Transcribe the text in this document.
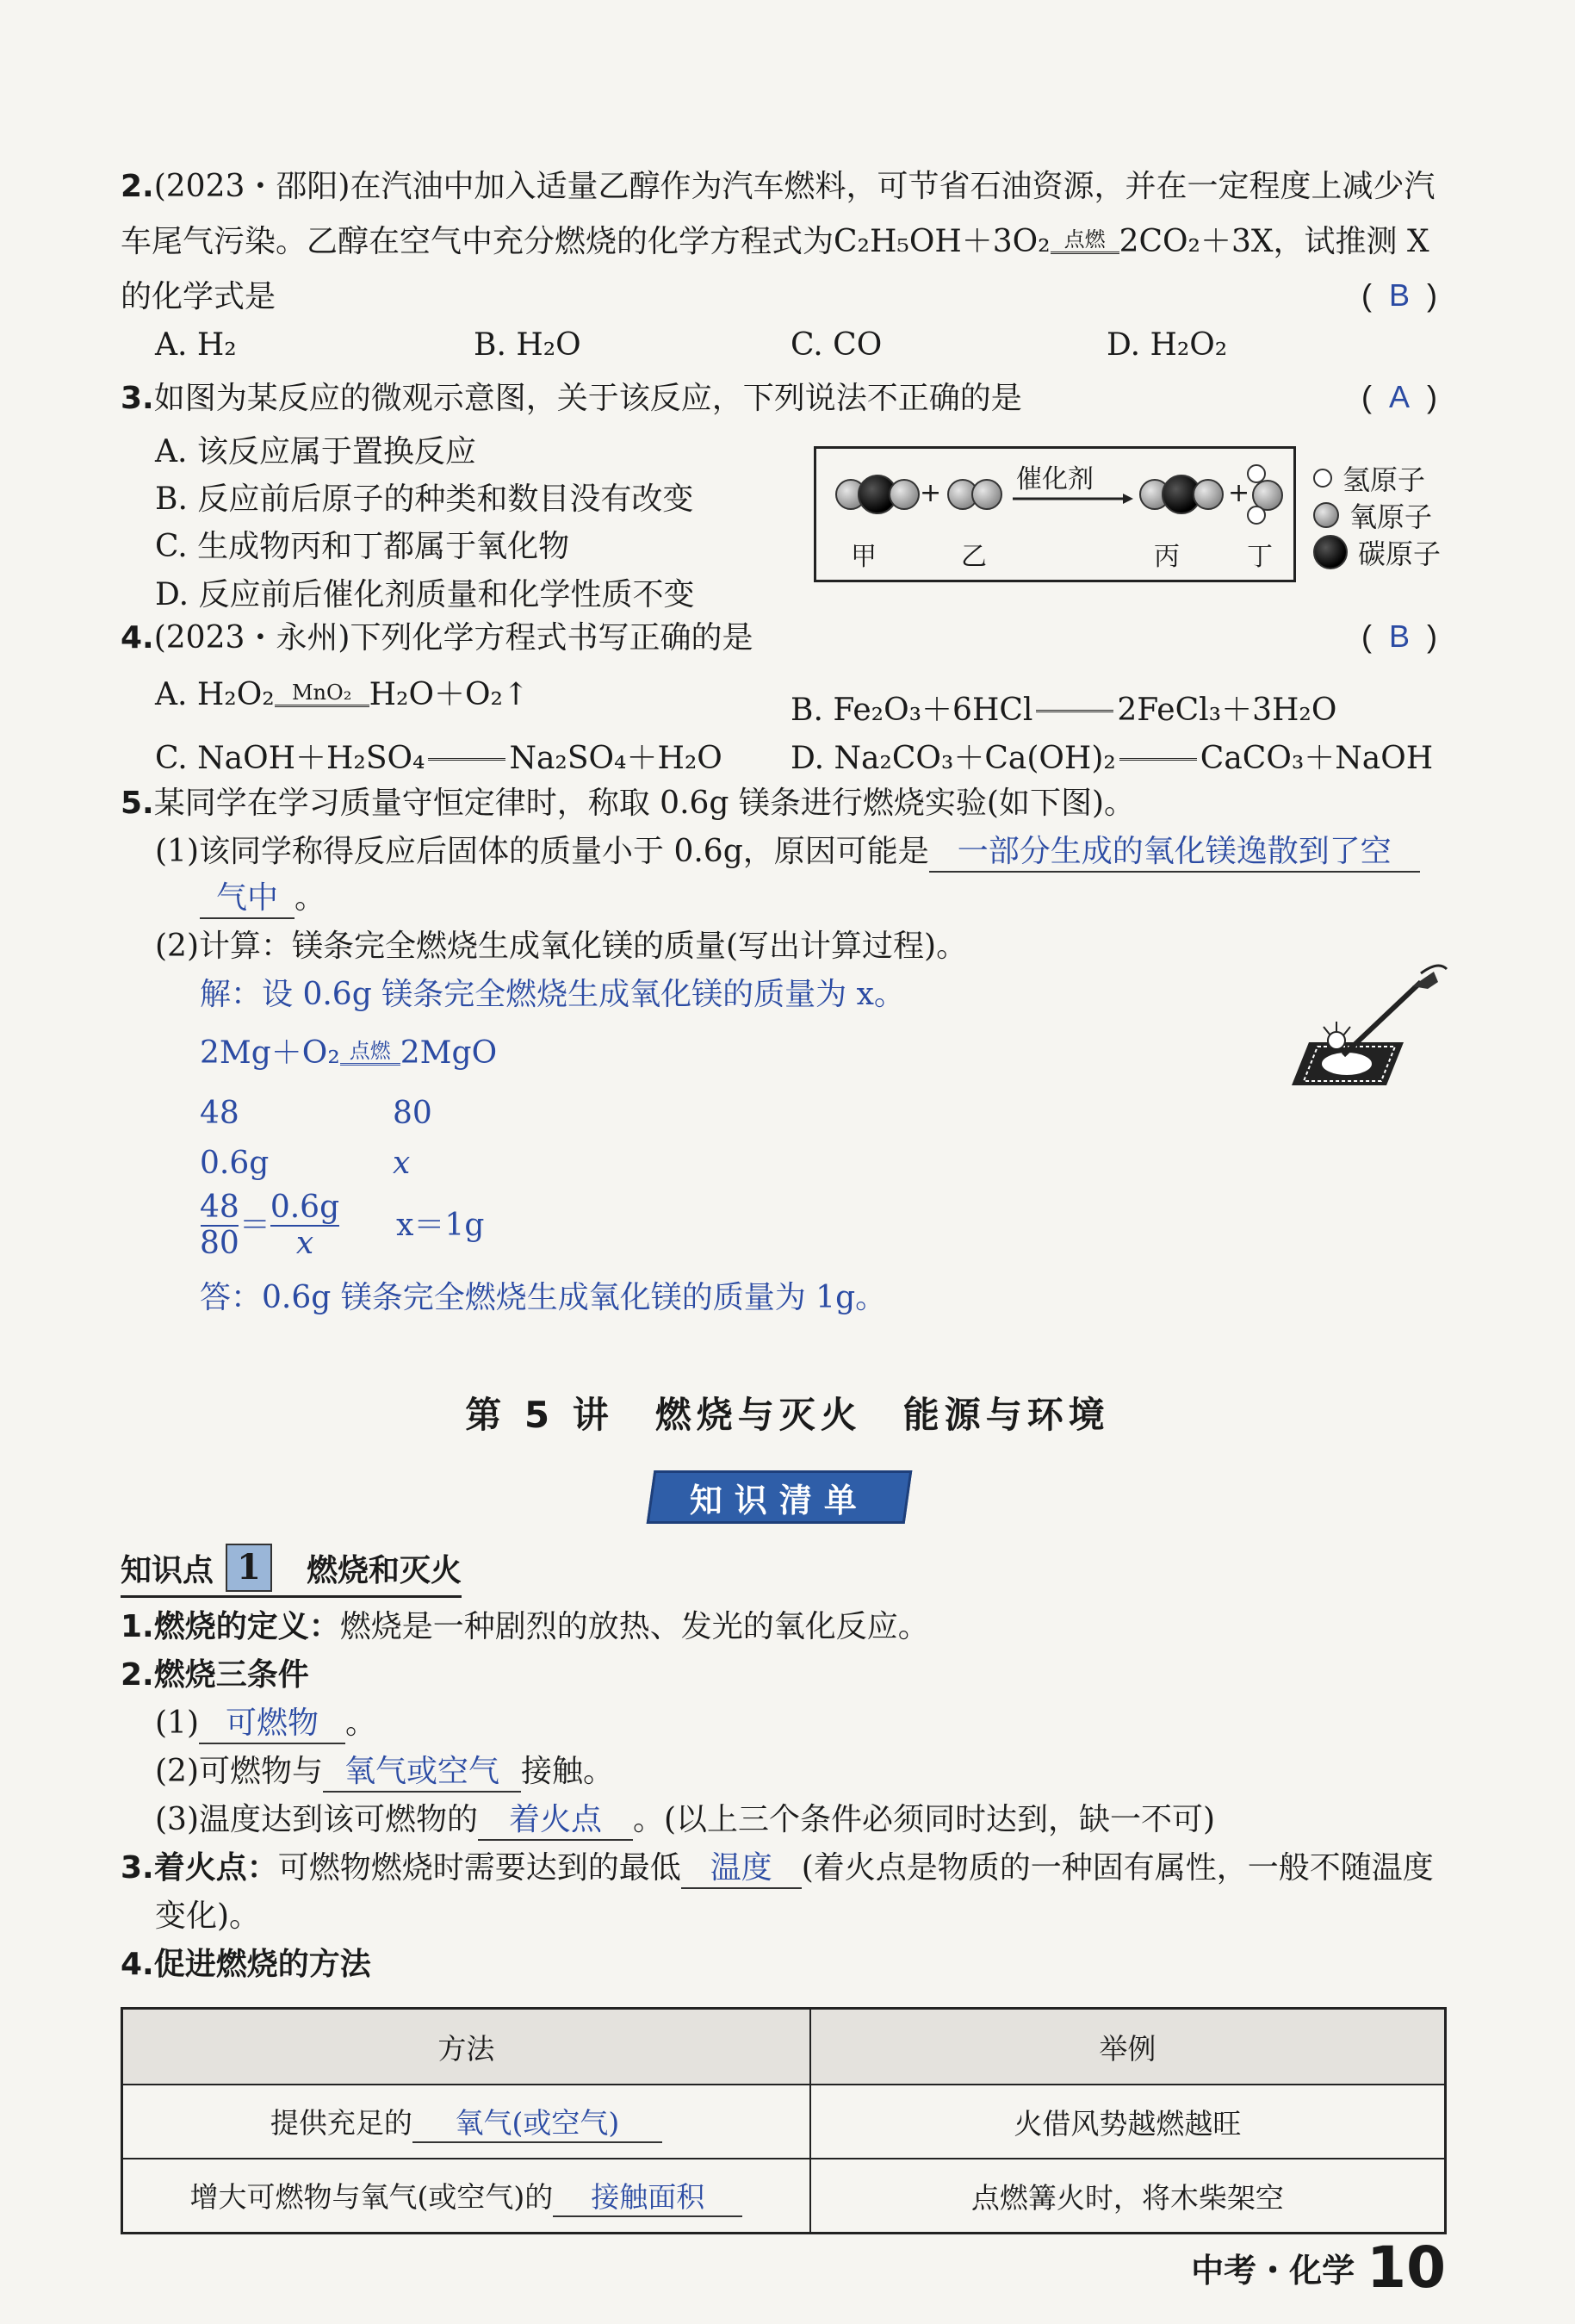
2.(2023・邵阳)在汽油中加入适量乙醇作为汽车燃料，可节省石油资源，并在一定程度上减少汽
车尾气污染。乙醇在空气中充分燃烧的化学方程式为C₂H₅OH＋3O₂ 点燃 2CO₂＋3X，试推测 X
的化学式是	(  B  )
A. H₂	B. H₂O	C. CO	D. H₂O₂
3.如图为某反应的微观示意图，关于该反应，下列说法不正确的是	(  A  )
A. 该反应属于置换反应
B. 反应前后原子的种类和数目没有改变
C. 生成物丙和丁都属于氧化物
D. 反应前后催化剂质量和化学性质不变
+	催化剂	+
甲	乙	丙	丁
氢原子
氧原子
碳原子
4.(2023・永州)下列化学方程式书写正确的是	(  B  )
A. H₂O₂ MnO₂ H₂O＋O₂↑	B. Fe₂O₃＋6HCl	2FeCl₃＋3H₂O
C. NaOH＋H₂SO₄	Na₂SO₄＋H₂O D. Na₂CO₃＋Ca(OH)₂	CaCO₃＋NaOH
5.某同学在学习质量守恒定律时，称取 0.6g 镁条进行燃烧实验(如下图)。
(1)该同学称得反应后固体的质量小于 0.6g，原因可能是 一部分生成的氧化镁逸散到了空
气中 。
(2)计算：镁条完全燃烧生成氧化镁的质量(写出计算过程)。
解：设 0.6g 镁条完全燃烧生成氧化镁的质量为 x。
2Mg＋O₂ 点燃 2MgO
48	80
0.6g	x
48
80 ＝
0.6g
x	x＝1g
答：0.6g 镁条完全燃烧生成氧化镁的质量为 1g。
第 5 讲　燃烧与灭火　能源与环境
知识清单
知识点 1	燃烧和灭火
1.燃烧的定义：燃烧是一种剧烈的放热、发光的氧化反应。
2.燃烧三条件
(1) 可燃物 。
(2)可燃物与 氧气或空气 接触。
(3)温度达到该可燃物的 着火点 。(以上三个条件必须同时达到，缺一不可)
3.着火点：可燃物燃烧时需要达到的最低 温度 (着火点是物质的一种固有属性，一般不随温度
变化)。
4.促进燃烧的方法
方法	举例
提供充足的 氧气(或空气)	火借风势越燃越旺
增大可燃物与氧气(或空气)的 接触面积	点燃篝火时，将木柴架空
中考・化学 10
